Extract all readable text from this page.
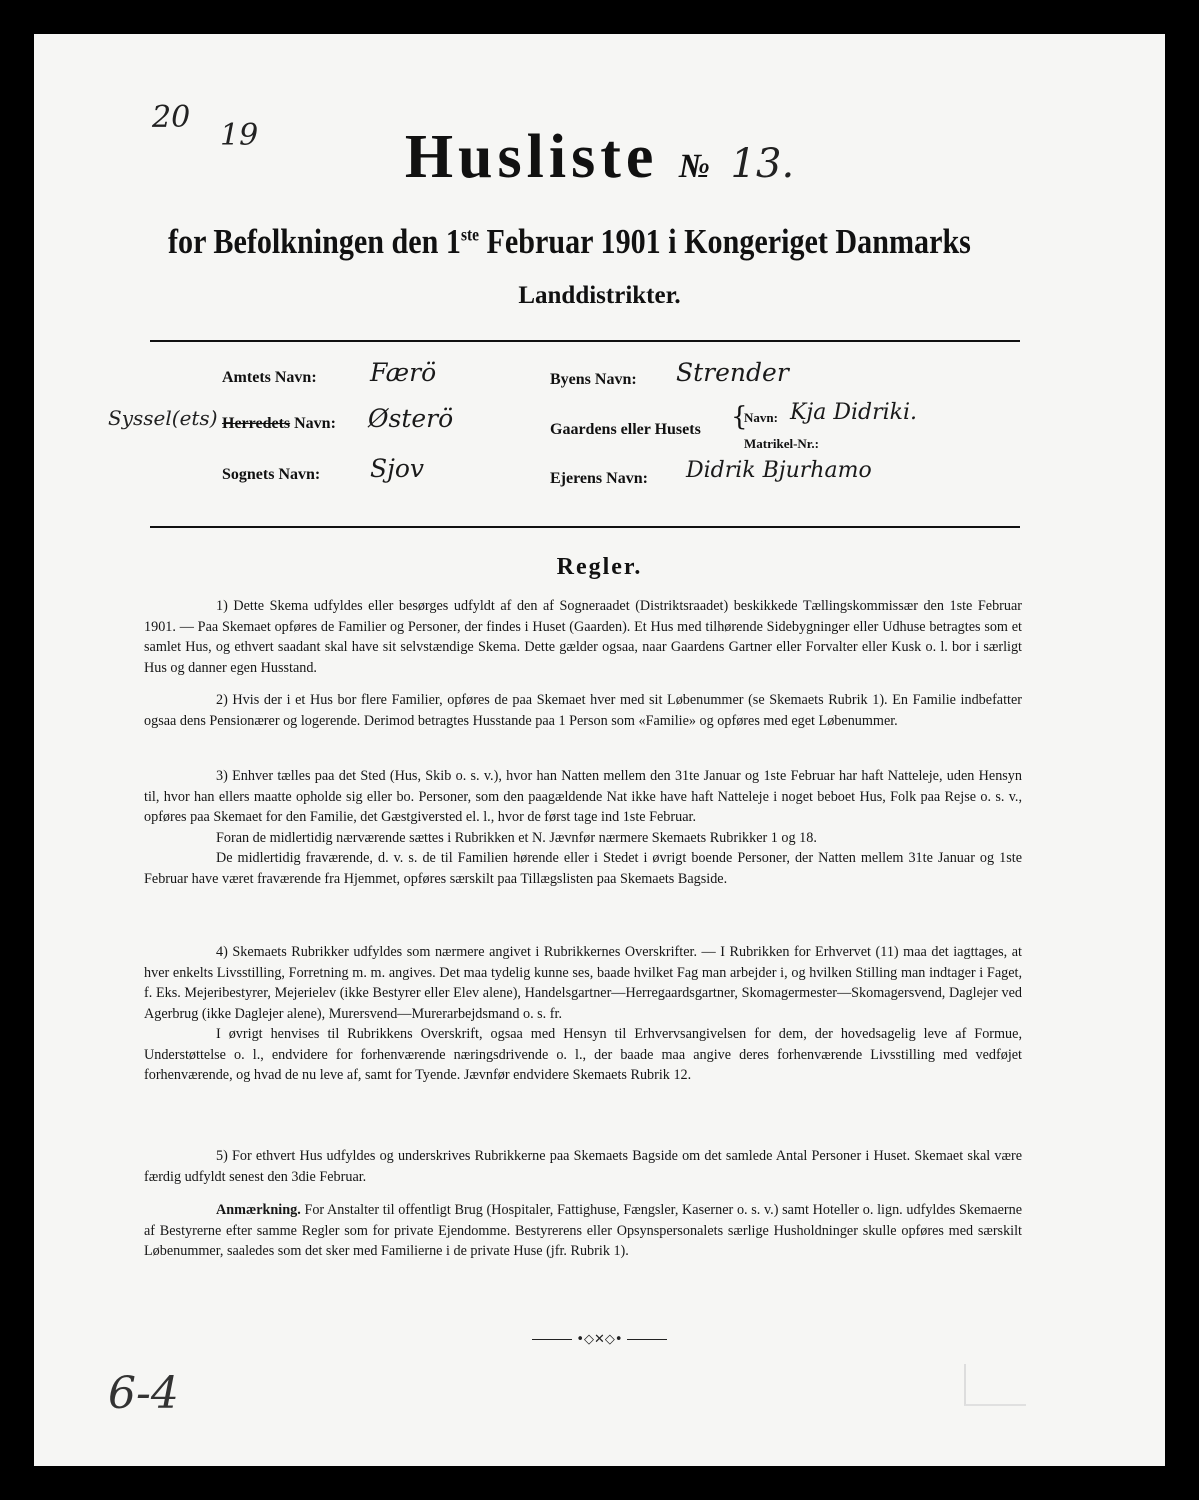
20
19	Husliste № 13.
for Befolkningen den 1ste Februar 1901 i Kongeriget Danmarks
Landdistrikter.
Amtets Navn: Færö
Syssel(ets) Herredets Navn: Østerö
Sognets Navn: Sjov
Byens Navn: Strender
Gaardens eller Husets {
Navn: Kja Didriki.
Matrikel-Nr.:
Ejerens Navn: Didrik Bjurhamo
Regler.

1) Dette Skema udfyldes eller besørges udfyldt af den af Sogneraadet (Distriktsraadet) beskikkede Tællingskommissær den 1ste Februar 1901. — Paa Skemaet opføres de Familier og Personer, der findes i Huset (Gaarden). Et Hus med tilhørende Sidebygninger eller Udhuse betragtes som et samlet Hus, og ethvert saadant skal have sit selvstændige Skema. Dette gælder ogsaa, naar Gaardens Gartner eller Forvalter eller Kusk o. l. bor i særligt Hus og danner egen Husstand.

2) Hvis der i et Hus bor flere Familier, opføres de paa Skemaet hver med sit Løbenummer (se Skemaets Rubrik 1). En Familie indbefatter ogsaa dens Pensionærer og logerende. Derimod betragtes Husstande paa 1 Person som «Familie» og opføres med eget Løbenummer.

3) Enhver tælles paa det Sted (Hus, Skib o. s. v.), hvor han Natten mellem den 31te Januar og 1ste Februar har haft Natteleje, uden Hensyn til, hvor han ellers maatte opholde sig eller bo. Personer, som den paagældende Nat ikke have haft Natteleje i noget beboet Hus, Folk paa Rejse o. s. v., opføres paa Skemaet for den Familie, det Gæstgiversted el. l., hvor de først tage ind 1ste Februar.

Foran de midlertidig nærværende sættes i Rubrikken et N. Jævnfør nærmere Skemaets Rubrikker 1 og 18.

De midlertidig fraværende, d. v. s. de til Familien hørende eller i Stedet i øvrigt boende Personer, der Natten mellem 31te Januar og 1ste Februar have været fraværende fra Hjemmet, opføres særskilt paa Tillægslisten paa Skemaets Bagside.

4) Skemaets Rubrikker udfyldes som nærmere angivet i Rubrikkernes Overskrifter. — I Rubrikken for Erhvervet (11) maa det iagttages, at hver enkelts Livsstilling, Forretning m. m. angives. Det maa tydelig kunne ses, baade hvilket Fag man arbejder i, og hvilken Stilling man indtager i Faget, f. Eks. Mejeribestyrer, Mejerielev (ikke Bestyrer eller Elev alene), Handelsgartner—Herregaardsgartner, Skomagermester—Skomagersvend, Daglejer ved Agerbrug (ikke Daglejer alene), Murersvend—Murerarbejdsmand o. s. fr.

I øvrigt henvises til Rubrikkens Overskrift, ogsaa med Hensyn til Erhvervsangivelsen for dem, der hovedsagelig leve af Formue, Understøttelse o. l., endvidere for forhenværende næringsdrivende o. l., der baade maa angive deres forhenværende Livsstilling med vedføjet forhenværende, og hvad de nu leve af, samt for Tyende. Jævnfør endvidere Skemaets Rubrik 12.

5) For ethvert Hus udfyldes og underskrives Rubrikkerne paa Skemaets Bagside om det samlede Antal Personer i Huset. Skemaet skal være færdig udfyldt senest den 3die Februar.

Anmærkning. For Anstalter til offentligt Brug (Hospitaler, Fattighuse, Fængsler, Kaserner o. s. v.) samt Hoteller o. lign. udfyldes Skemaerne af Bestyrerne efter samme Regler som for private Ejendomme. Bestyrerens eller Opsynspersonalets særlige Husholdninger skulle opføres med særskilt Løbenummer, saaledes som det sker med Familierne i de private Huse (jfr. Rubrik 1).

•◇✕◇•
6-4
